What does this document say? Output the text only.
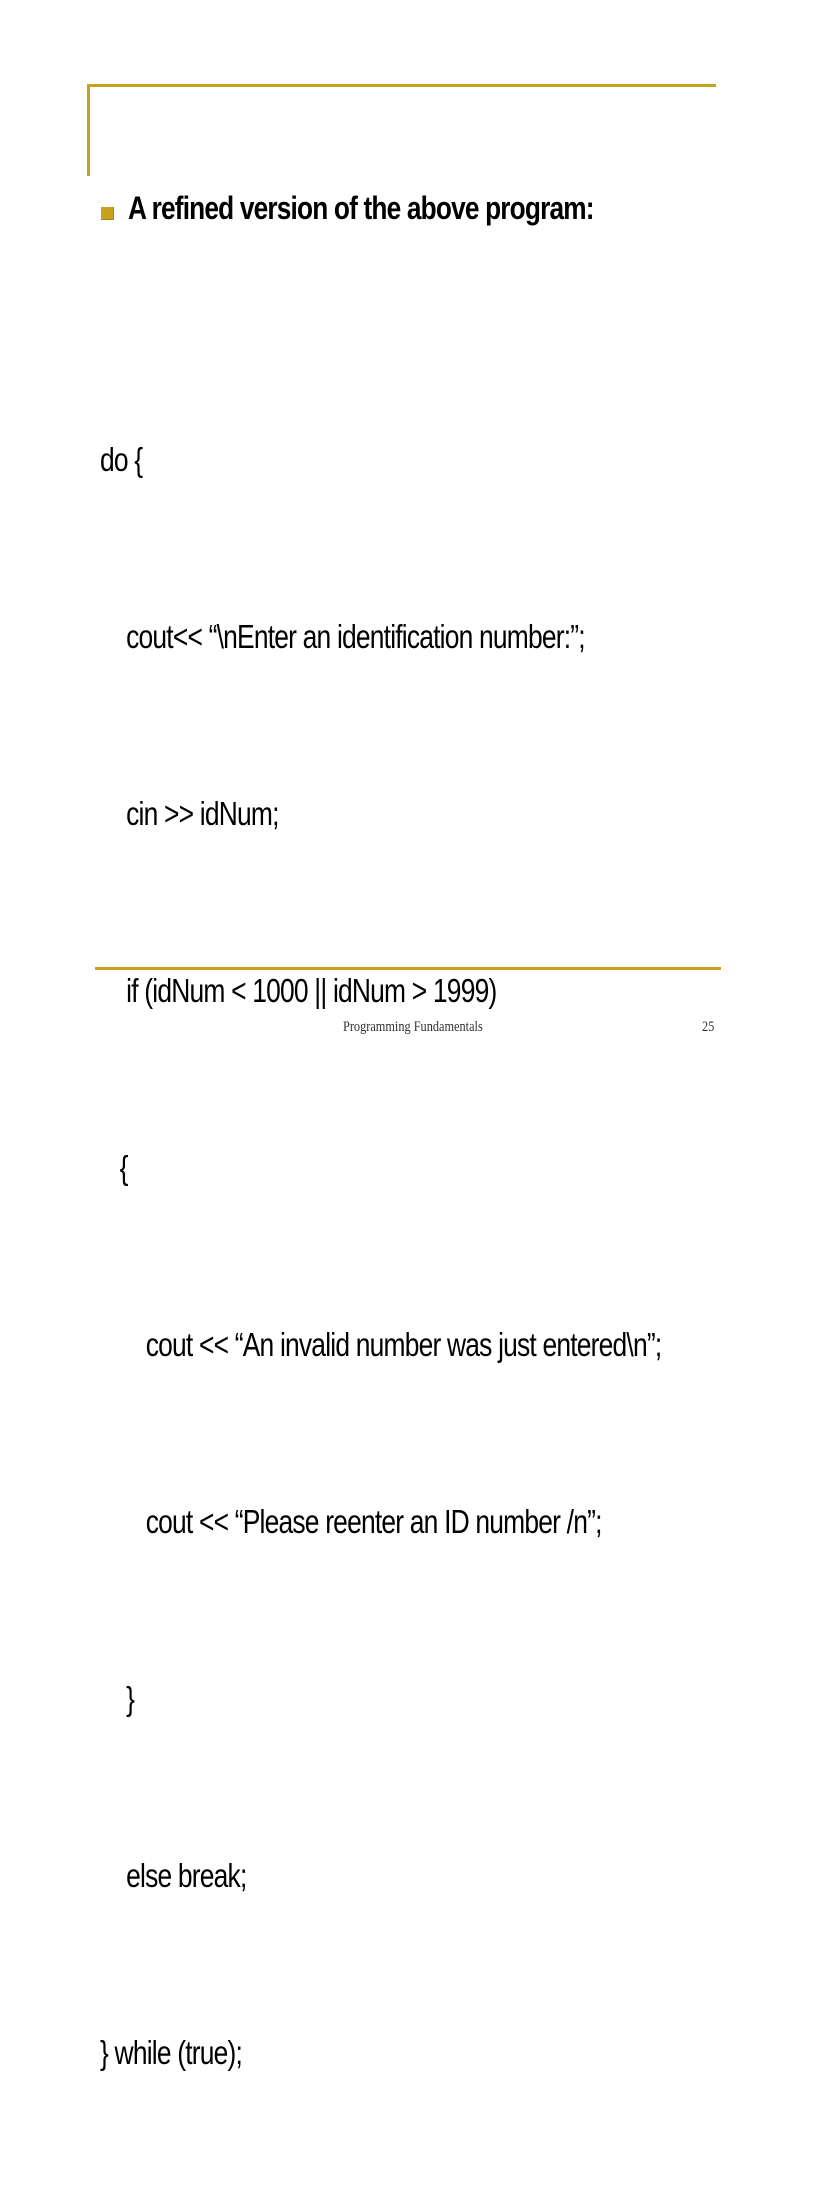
A refined version of the above program:

do {

cout<< “\nEnter an identification number:”;

cin >> idNum;

if (idNum < 1000 || idNum > 1999)

{

cout << “An invalid number was just entered\n”;

cout << “Please reenter an ID number /n”;

}

else break;

} while (true);

Programming Fundamentals	25
